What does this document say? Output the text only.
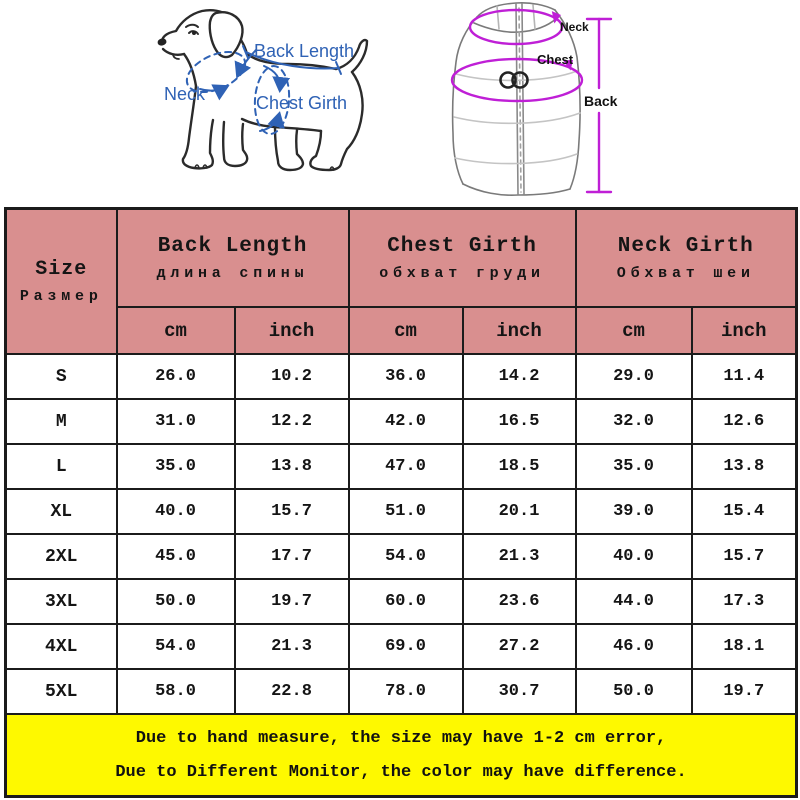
Back Length
Neck	Chest Girth
Neck
Chest
Back
Size
Размер

Back Length
длина спины

Chest Girth
обхват груди

Neck Girth
Обхват шеи

	cm	inch	cm	inch	cm	inch
S	26.0	10.2	36.0	14.2	29.0	11.4
M	31.0	12.2	42.0	16.5	32.0	12.6
L	35.0	13.8	47.0	18.5	35.0	13.8
XL	40.0	15.7	51.0	20.1	39.0	15.4
2XL	45.0	17.7	54.0	21.3	40.0	15.7
3XL	50.0	19.7	60.0	23.6	44.0	17.3
4XL	54.0	21.3	69.0	27.2	46.0	18.1
5XL	58.0	22.8	78.0	30.7	50.0	19.7

Due to hand measure, the size may have 1-2 cm error,
Due to Different Monitor, the color may have difference.						
